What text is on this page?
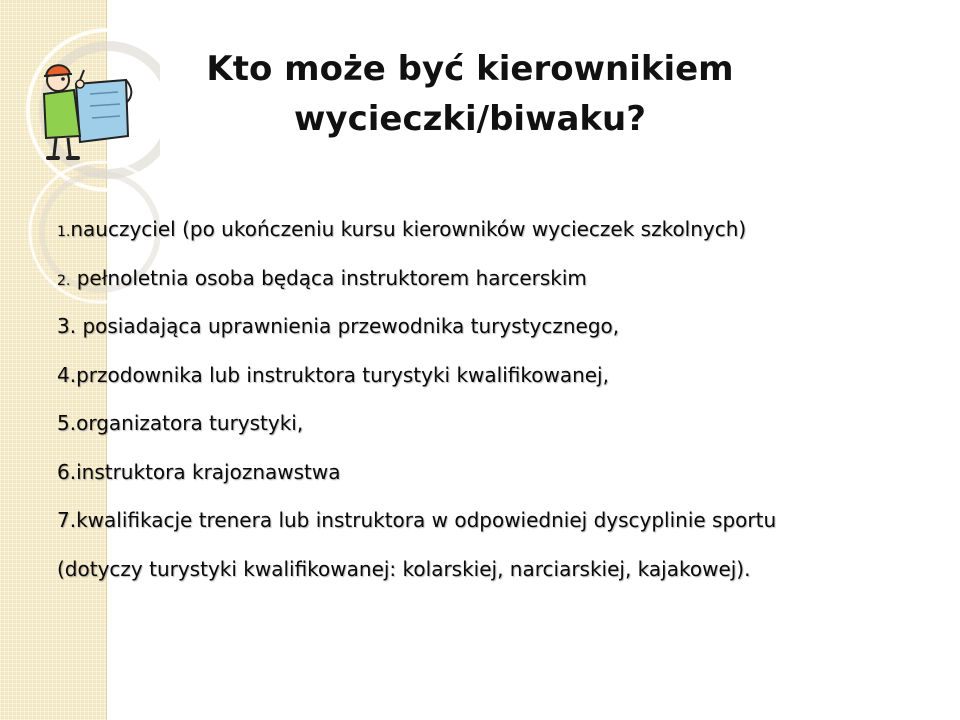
Kto może być kierownikiem
wycieczki/biwaku?
1.nauczyciel (po ukończeniu kursu kierowników wycieczek szkolnych)
2. pełnoletnia osoba będąca instruktorem harcerskim
3. posiadająca uprawnienia przewodnika turystycznego,
4.przodownika lub instruktora turystyki kwalifikowanej,
5.organizatora turystyki,
6.instruktora krajoznawstwa
7.kwalifikacje trenera lub instruktora w odpowiedniej dyscyplinie sportu
(dotyczy turystyki kwalifikowanej: kolarskiej, narciarskiej, kajakowej).
